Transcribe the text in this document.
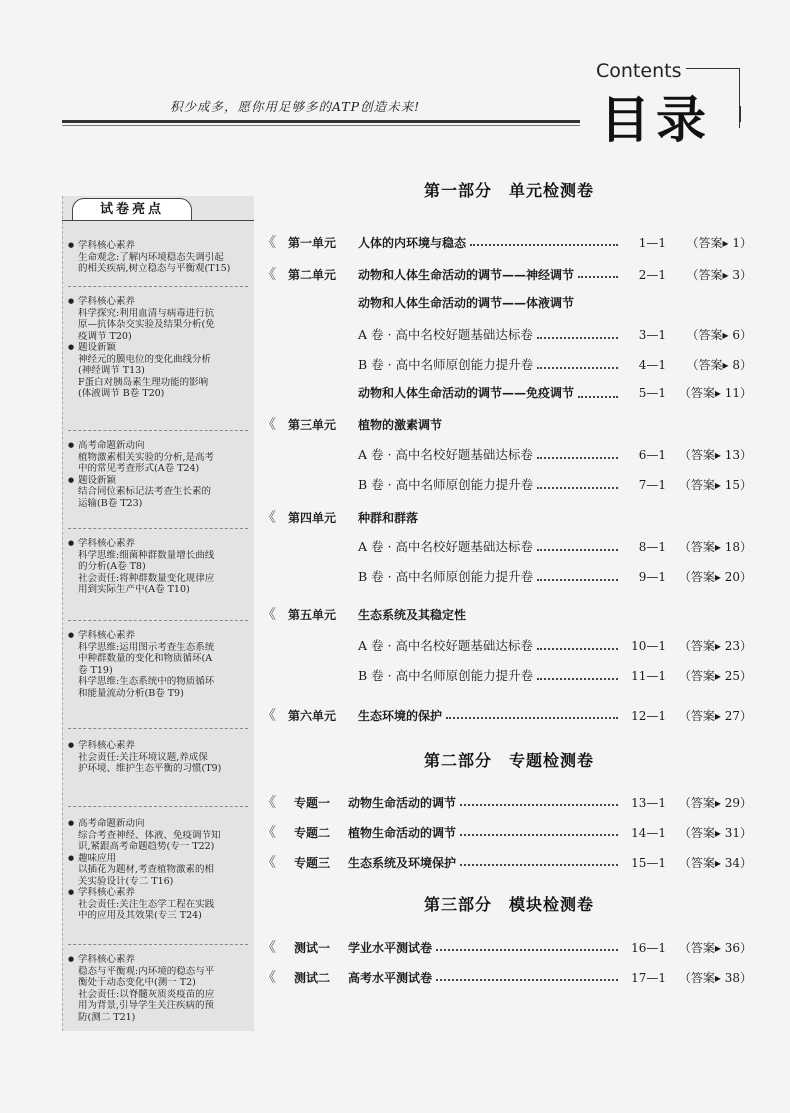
积少成多，愿你用足够多的ATP创造未来!
Contents
目录
试卷亮点
● 学科核心素养
生命观念:了解内环境稳态失调引起
的相关疾病,树立稳态与平衡观(T15)
● 学科核心素养
科学探究:利用血清与病毒进行抗
原—抗体杂交实验及结果分析(免
疫调节 T20)
● 题设新颖
神经元的膜电位的变化曲线分析
(神经调节 T13)
F蛋白对胰岛素生理功能的影响
(体液调节 B卷 T20)
● 高考命题新动向
植物激素相关实验的分析,是高考
中的常见考查形式(A卷 T24)
● 题设新颖
结合同位素标记法考查生长素的
运输(B卷 T23)
● 学科核心素养
科学思维:细菌种群数量增长曲线
的分析(A卷 T8)
社会责任:将种群数量变化规律应
用到实际生产中(A卷 T10)
● 学科核心素养
科学思维:运用图示考查生态系统
中种群数量的变化和物质循环(A
卷 T19)
科学思维:生态系统中的物质循环
和能量流动分析(B卷 T9)
● 学科核心素养
社会责任:关注环境议题,养成保
护环境、维护生态平衡的习惯(T9)
● 高考命题新动向
综合考查神经、体液、免疫调节知
识,紧跟高考命题趋势(专一 T22)
● 趣味应用
以插花为题材,考查植物激素的相
关实验设计(专二 T16)
● 学科核心素养
社会责任:关注生态学工程在实践
中的应用及其效果(专三 T24)
● 学科核心素养
稳态与平衡观:内环境的稳态与平
衡处于动态变化中(测一 T2)
社会责任:以脊髓灰质炎疫苗的应
用为背景,引导学生关注疾病的预
防(测二 T21)
第一部分　单元检测卷
第二部分　专题检测卷
第三部分　模块检测卷
《	第一单元	人体的内环境与稳态	1—1	（答案▸ 1）
《	第二单元	动物和人体生命活动的调节——神经调节	2—1	（答案▸ 3）
动物和人体生命活动的调节——体液调节
A 卷 · 高中名校好题基础达标卷	3—1	（答案▸ 6）
B 卷 · 高中名师原创能力提升卷	4—1	（答案▸ 8）
动物和人体生命活动的调节——免疫调节	5—1	（答案▸ 11）
《	第三单元	植物的激素调节
A 卷 · 高中名校好题基础达标卷	6—1	（答案▸ 13）
B 卷 · 高中名师原创能力提升卷	7—1	（答案▸ 15）
《	第四单元	种群和群落
A 卷 · 高中名校好题基础达标卷	8—1	（答案▸ 18）
B 卷 · 高中名师原创能力提升卷	9—1	（答案▸ 20）
《	第五单元	生态系统及其稳定性
A 卷 · 高中名校好题基础达标卷	10—1	（答案▸ 23）
B 卷 · 高中名师原创能力提升卷	11—1	（答案▸ 25）
《	第六单元	生态环境的保护	12—1	（答案▸ 27）
《	专题一	动物生命活动的调节	13—1	（答案▸ 29）
《	专题二	植物生命活动的调节	14—1	（答案▸ 31）
《	专题三	生态系统及环境保护	15—1	（答案▸ 34）
《	测试一	学业水平测试卷	16—1	（答案▸ 36）
《	测试二	高考水平测试卷	17—1	（答案▸ 38）
